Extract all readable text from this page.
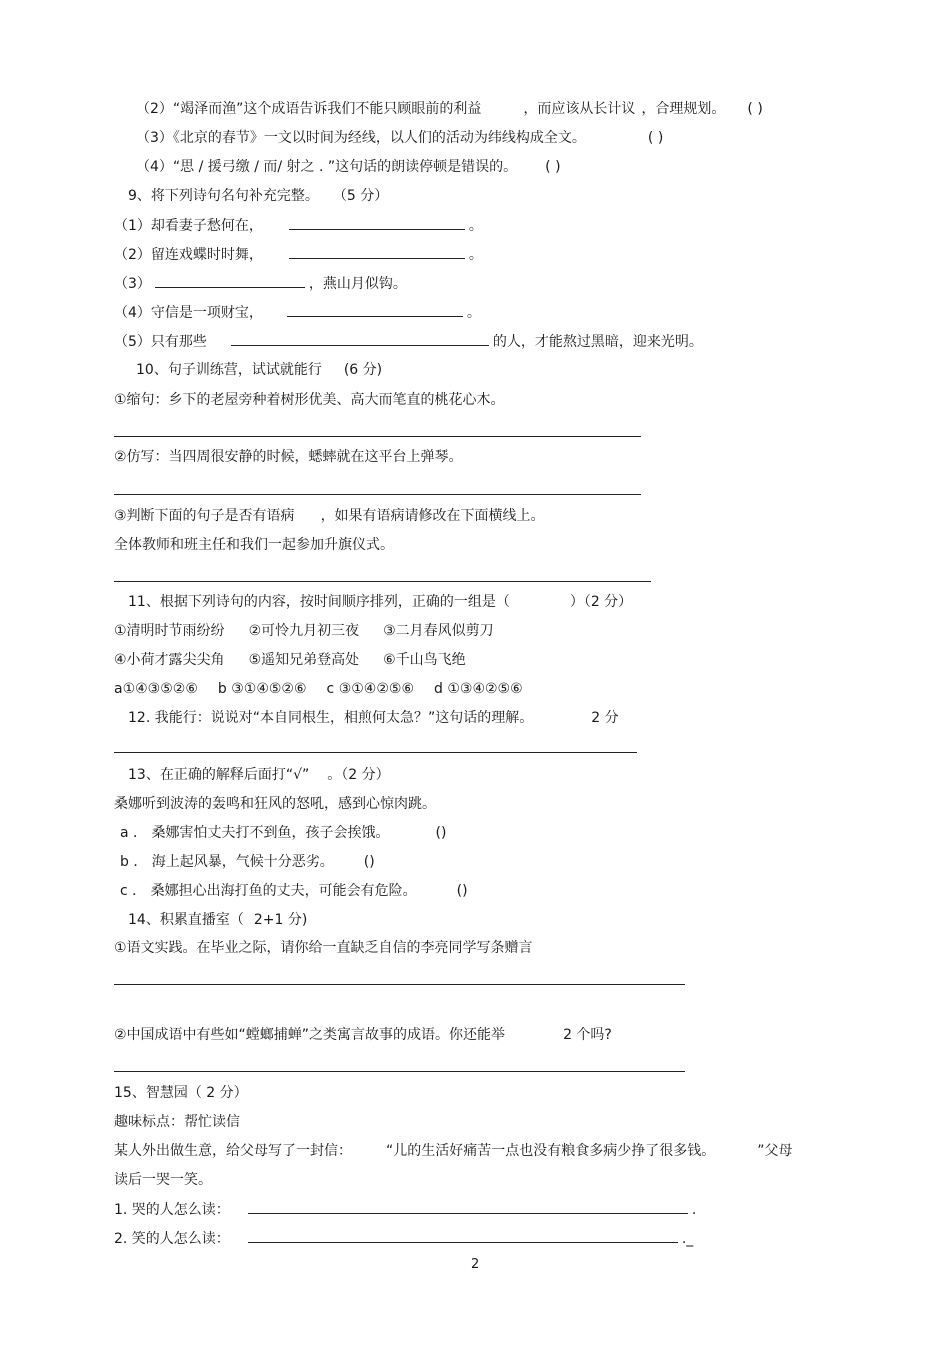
（2）“竭泽而渔”这个成语告诉我们不能只顾眼前的利益	，而应该从长计议 ，合理规划。 ( )
（3）《北京的春节》一文以时间为经线，以人们的活动为纬线构成全文。	( )
（4）“思 / 援弓缴 / 而/ 射之 . ”这句话的朗读停顿是错误的。 ( )
9、将下列诗句名句补充完整。 （5 分）
（1）却看妻子愁何在，	。
（2）留连戏蝶时时舞，	。
（3）	，燕山月似钩。
（4）守信是一项财宝，	。
（5）只有那些	的人，才能熬过黑暗，迎来光明。
10、句子训练营，试试就能行 (6 分)
①缩句：乡下的老屋旁种着树形优美、高大而笔直的桃花心木。
②仿写：当四周很安静的时候，蟋蟀就在这平台上弹琴。
③判断下面的句子是否有语病 ，如果有语病请修改在下面横线上。
全体教师和班主任和我们一起参加升旗仪式。
11、根据下列诗句的内容，按时间顺序排列，正确的一组是（	）（2 分）
①清明时节雨纷纷 ②可怜九月初三夜 ③二月春风似剪刀
④小荷才露尖尖角 ⑤遥知兄弟登高处 ⑥千山鸟飞绝
a①④③⑤②⑥ b ③①④⑤②⑥ c ③①④②⑤⑥ d ①③④②⑤⑥
12. 我能行：说说对“本自同根生，相煎何太急？”这句话的理解。	2 分
13、在正确的解释后面打“√” 。（2 分）
桑娜听到波涛的轰鸣和狂风的怒吼，感到心惊肉跳。
a ． 桑娜害怕丈夫打不到鱼，孩子会挨饿。	()
b ． 海上起风暴，气候十分恶劣。 ()
c ． 桑娜担心出海打鱼的丈夫，可能会有危险。	()
14、积累直播室（ 2+1 分)
①语文实践。在毕业之际，请你给一直缺乏自信的李亮同学写条赠言
②中国成语中有些如“螳螂捕蝉”之类寓言故事的成语。你还能举	2 个吗?
15、智慧园（ 2 分）
趣味标点：帮忙读信
某人外出做生意，给父母写了一封信： “儿的生活好痛苦一点也没有粮食多病少挣了很多钱。	”父母
读后一哭一笑。
1. 哭的人怎么读：	.
2. 笑的人怎么读：	._
2
